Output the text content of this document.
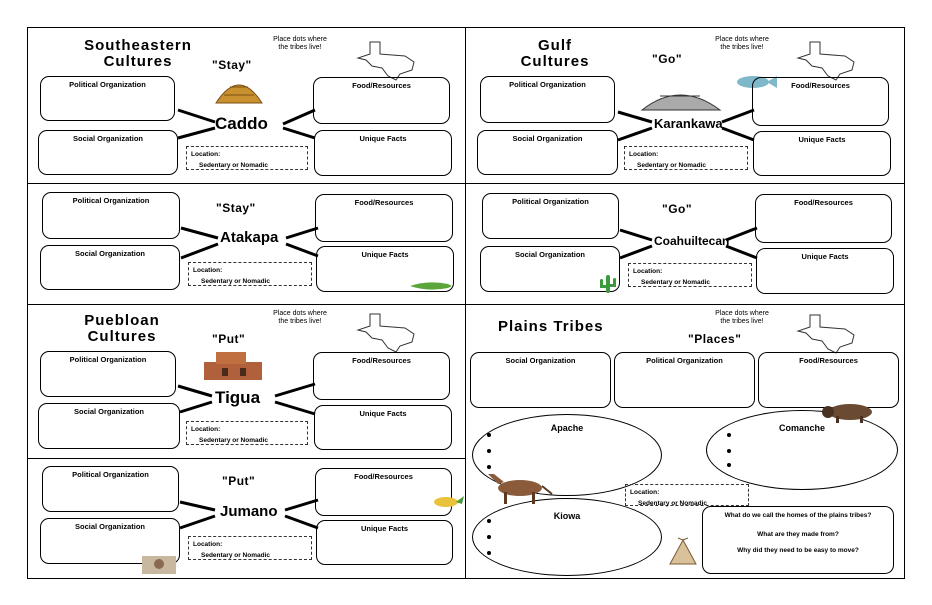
Southeastern
Cultures	"Stay"
Place dots where
the tribes live!
Political Organization
Social Organization
Food/Resources
Unique Facts
Caddo
Location:
Sedentary or Nomadic
"Stay"
Political Organization
Social Organization
Food/Resources
Unique Facts
Atakapa
Location:
Sedentary or Nomadic
Gulf
Cultures	"Go"
Place dots where
the tribes live!
Political Organization
Social Organization
Food/Resources
Unique Facts
Karankawa
Location:
Sedentary or Nomadic
"Go"
Political Organization
Social Organization
Food/Resources
Unique Facts
Coahuiltecan
Location:
Sedentary or Nomadic
Puebloan
Cultures	"Put"
Place dots where
the tribes live!
Political Organization
Social Organization
Food/Resources
Unique Facts
Tigua
Location:
Sedentary or Nomadic
"Put"
Political Organization
Social Organization
Food/Resources
Unique Facts
Jumano
Location:
Sedentary or Nomadic
Plains Tribes
"Places"
Place dots where
the tribes live!
Social Organization	Political Organization	Food/Resources
Apache	Comanche
Kiowa
Location:
Sedentary or Nomadic
What do we call the homes of the plains tribes?
What are they made from?
Why did they need to be easy to move?
